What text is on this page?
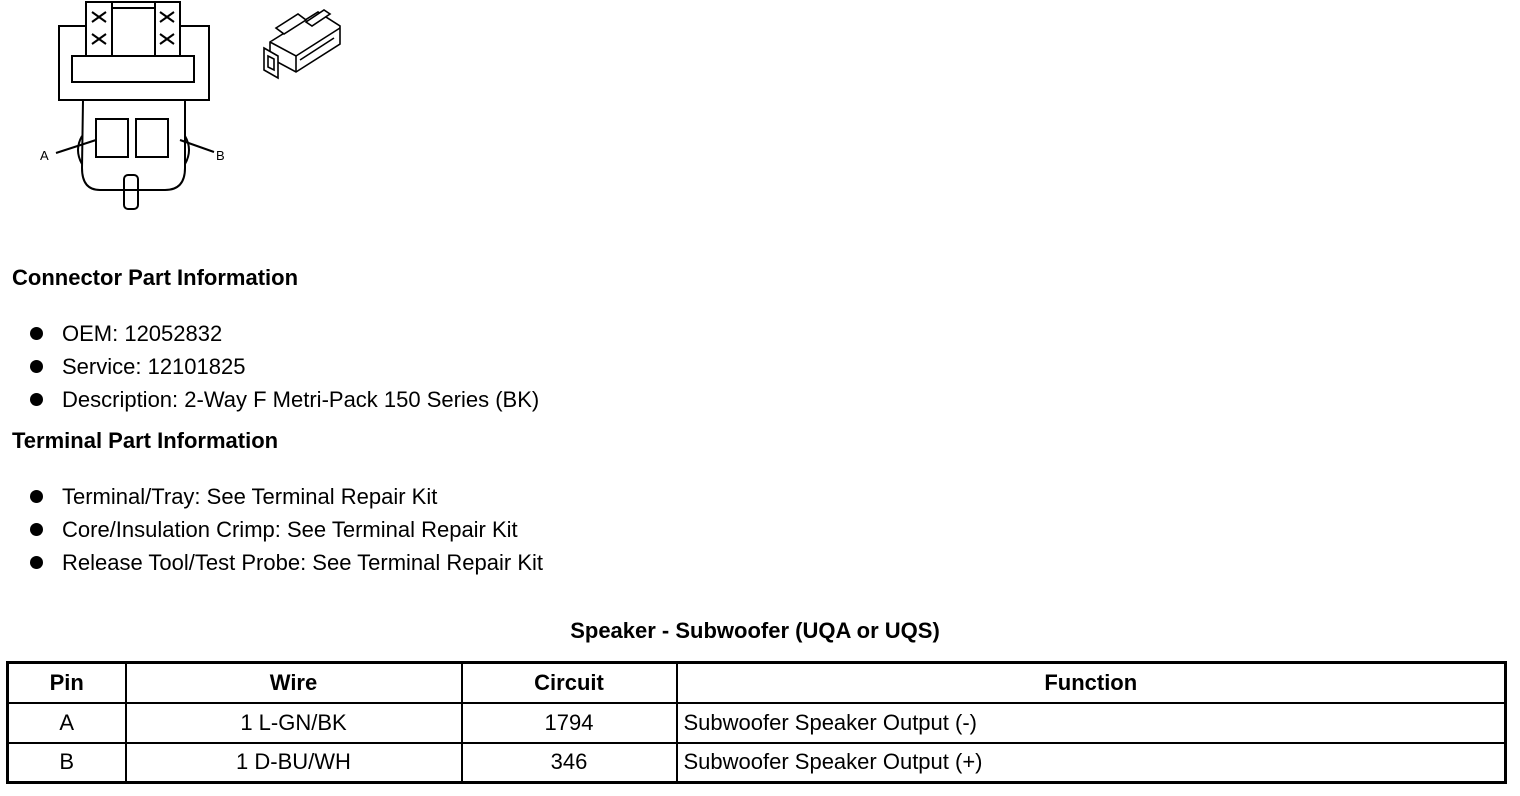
A	B
Connector Part Information
OEM: 12052832
Service: 12101825
Description: 2-Way F Metri-Pack 150 Series (BK)
Terminal Part Information
Terminal/Tray: See Terminal Repair Kit
Core/Insulation Crimp: See Terminal Repair Kit
Release Tool/Test Probe: See Terminal Repair Kit
Speaker - Subwoofer (UQA or UQS)
Pin	Wire	Circuit	Function
A	1 L-GN/BK	1794	Subwoofer Speaker Output (-)
B	1 D-BU/WH	346	Subwoofer Speaker Output (+)
